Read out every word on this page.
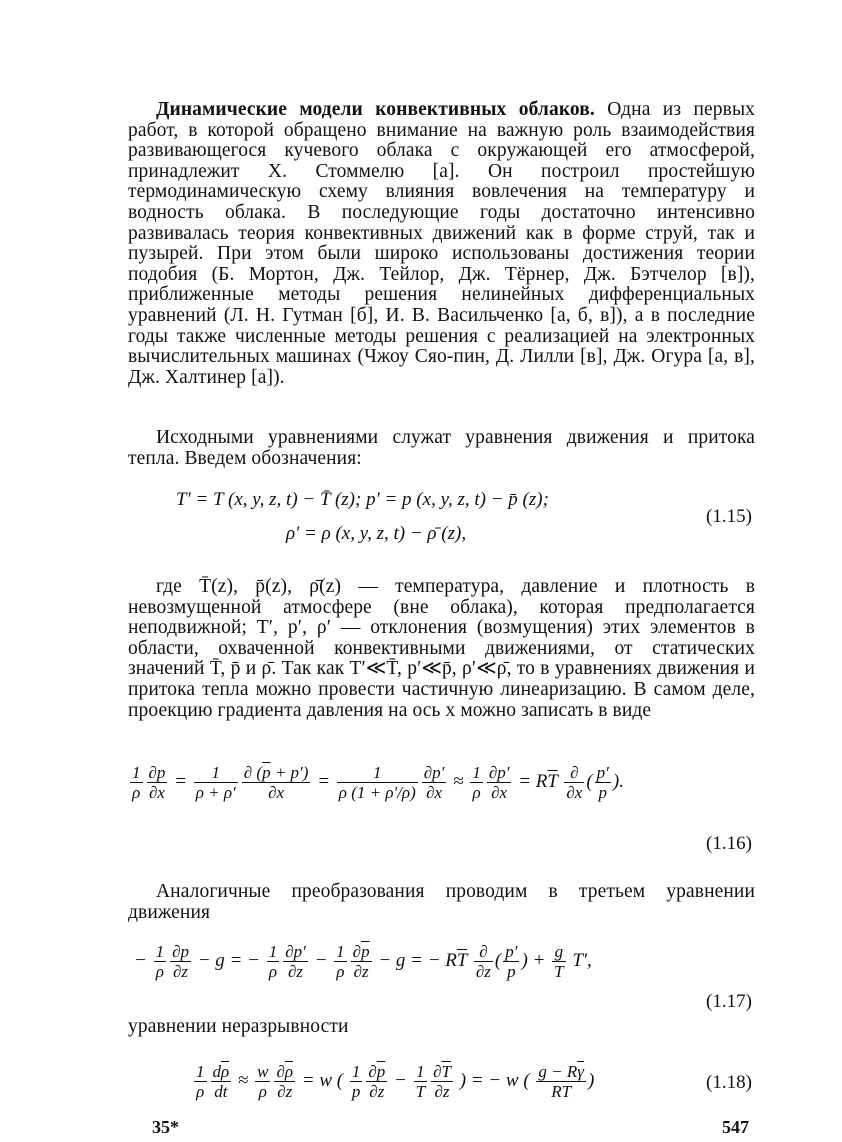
Динамические модели конвективных облаков. Одна из первых работ, в которой обращено внимание на важную роль взаимодействия развивающегося кучевого облака с окружающей его атмосферой, принадлежит Х. Стоммелю [а]. Он построил простейшую термодинамическую схему влияния вовлечения на температуру и водность облака. В последующие годы достаточно интенсивно развивалась теория конвективных движений как в форме струй, так и пузырей. При этом были широко использованы достижения теории подобия (Б. Мортон, Дж. Тейлор, Дж. Тёрнер, Дж. Бэтчелор [в]), приближенные методы решения нелинейных дифференциальных уравнений (Л. Н. Гутман [б], И. В. Васильченко [а, б, в]), а в последние годы также численные методы решения с реализацией на электронных вычислительных машинах (Чжоу Сяо-пин, Д. Лилли [в], Дж. Огура [а, в], Дж. Халтинер [а]).
Исходными уравнениями служат уравнения движения и притока тепла. Введем обозначения:
T′ = T (x, y, z, t) − T̄ (z); p′ = p (x, y, z, t) − p̄ (z);
ρ′ = ρ (x, y, z, t) − ρ̄ (z),
(1.15)
где T̄(z), p̄(z), ρ̄(z) — температура, давление и плотность в невозмущенной атмосфере (вне облака), которая предполагается неподвижной; T′, p′, ρ′ — отклонения (возмущения) этих элементов в области, охваченной конвективными движениями, от статических значений T̄, p̄ и ρ̄. Так как T′≪T̄, p′≪p̄, ρ′≪ρ̄, то в уравнениях движения и притока тепла можно провести частичную линеаризацию. В самом деле, проекцию градиента давления на ось x можно записать в виде
$\frac{1}{\rho} \frac{\partial p}{\partial x} = \frac{1}{\overline{\rho} + \rho'} \frac{\partial (\overline{p} + p')}{\partial x} = \frac{1}{\overline{\rho} (1 + \rho'/\overline{\rho})} \frac{\partial p'}{\partial x} \approx \frac{1}{\rho} \frac{\partial p'}{\partial x} = R\overline{T} \frac{\partial}{\partial x}$ ( $\frac{p'}{p}$ ).
(1.16)
Аналогичные преобразования проводим в третьем уравнении движения
− $\frac{1}{\rho} \frac{\partial p}{\partial z} - g$ = − $\frac{1}{\rho} \frac{\partial p'}{\partial z} - \frac{1}{\rho} \frac{\partial\overline{p}}{\partial z} - g$ = − $R\overline{T} \frac{\partial}{\partial z}$ ( $\frac{p'}{p}$ ) + $\frac{g}{T} T'$,
(1.17)
уравнении неразрывности
$\frac{1}{\rho} \frac{d\overline{\rho}}{dt} \approx \frac{w}{\rho} \frac{\partial\overline{\rho}}{\partial z} = w$ ( $\frac{1}{p} \frac{\partial\overline{p}}{\partial z} - \frac{1}{T} \frac{\partial\overline{T}}{\partial z}$ ) = − w ( $\frac{g - R\overline{\gamma}}{R\overline{T}}$ )	(1.18)
35*	547
